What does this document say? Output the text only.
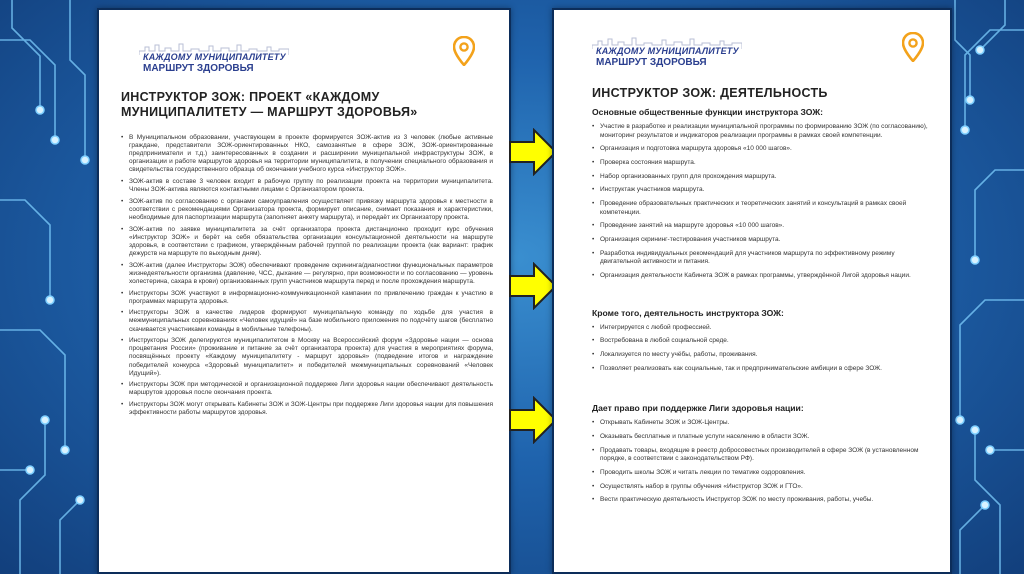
КАЖДОМУ МУНИЦИПАЛИТЕТУ
МАРШРУТ ЗДОРОВЬЯ
ИНСТРУКТОР ЗОЖ: ПРОЕКТ «КАЖДОМУ МУНИЦИПАЛИТЕТУ — МАРШРУТ ЗДОРОВЬЯ»
• В Муниципальном образовании, участвующем в проекте формируется ЗОЖ-актив из 3 человек (любые активные граждане, представители ЗОЖ-ориентированных НКО, самозанятые в сфере ЗОЖ, ЗОЖ-ориентированные предприниматели и т.д.) заинтересованных в создании и расширении муниципальной инфраструктуры ЗОЖ, в организации и работе маршрутов здоровья на территории муниципалитета, в получении специального образования и свидетельства государственного образца об окончании учебного курса «Инструктор ЗОЖ».
• ЗОЖ-актив в составе 3 человек входит в рабочую группу по реализации проекта на территории муниципалитета. Члены ЗОЖ-актива являются контактными лицами с Организатором проекта.
• ЗОЖ-актив по согласованию с органами самоуправления осуществляет привязку маршрута здоровья к местности в соответствии с рекомендациями Организатора проекта, формирует описание, снимает показания и характеристики, необходимые для паспортизации маршрута (заполняет анкету маршрута), и передаёт их Организатору проекта.
• ЗОЖ-актив по заявке муниципалитета за счёт организатора проекта дистанционно проходит курс обучения «Инструктор ЗОЖ» и берёт на себя обязательства организации консультационной деятельности на маршруте здоровья, в соответствии с графиком, утверждённым рабочей группой по реализации проекта (как вариант: график дежурств на маршруте по выходным дням).
• ЗОЖ-актив (далее Инструкторы ЗОЖ) обеспечивают проведение скрининга/диагностики функциональных параметров жизнедеятельности организма (давление, ЧСС, дыхание — регулярно, при возможности и по согласованию — уровень холестерина, сахара в крови) организованных групп участников маршрута перед и после прохождения маршрута.
• Инструкторы ЗОЖ участвуют в информационно-коммуникационной кампании по привлечению граждан к участию в программах маршрута здоровья.
• Инструкторы ЗОЖ в качестве лидеров формируют муниципальную команду по ходьбе для участия в межмуниципальных соревнованиях «Человек идущий» на базе мобильного приложения по подсчёту шагов (бесплатно скачивается участниками команды в мобильные телефоны).
• Инструкторы ЗОЖ делегируются муниципалитетом в Москву на Всероссийский форум «Здоровье нации — основа процветания России» (проживание и питание за счёт организатора проекта) для участия в мероприятиях форума, посвящённых проекту «Каждому муниципалитету - маршрут здоровья» (подведение итогов и награждение победителей конкурса «Здоровый муниципалитет» и победителей межмуниципальных соревнований «Человек Идущий»).
• Инструкторы ЗОЖ при методической и организационной поддержке Лиги здоровья нации обеспечивают деятельность маршрутов здоровья после окончания проекта.
• Инструкторы ЗОЖ могут открывать Кабинеты ЗОЖ и ЗОЖ-Центры при поддержке Лиги здоровья нации для повышения эффективности работы маршрутов здоровья.
КАЖДОМУ МУНИЦИПАЛИТЕТУ
МАРШРУТ ЗДОРОВЬЯ
ИНСТРУКТОР ЗОЖ: ДЕЯТЕЛЬНОСТЬ
Основные общественные функции инструктора ЗОЖ:
• Участие в разработке и реализации муниципальной программы по формированию ЗОЖ (по согласованию), мониторинг результатов и индикаторов реализации программы в рамках своей компетенции.
• Организация и подготовка маршрута здоровья «10 000 шагов».
• Проверка состояния маршрута.
• Набор организованных групп для прохождения маршрута.
• Инструктаж участников маршрута.
• Проведение образовательных практических и теоретических занятий и консультаций в рамках своей компетенции.
• Проведение занятий на маршруте здоровья «10 000 шагов».
• Организация скрининг-тестирования участников маршрута.
• Разработка индивидуальных рекомендаций для участников маршрута по эффективному режиму двигательной активности и питания.
• Организация деятельности Кабинета ЗОЖ в рамках программы, утверждённой Лигой здоровья нации.
Кроме того, деятельность инструктора ЗОЖ:
• Интегрируется с любой профессией.
• Востребована в любой социальной среде.
• Локализуется по месту учёбы, работы, проживания.
• Позволяет реализовать как социальные, так и предпринимательские амбиции в сфере ЗОЖ.
Дает право при поддержке Лиги здоровья нации:
• Открывать Кабинеты ЗОЖ и ЗОЖ-Центры.
• Оказывать бесплатные и платные услуги населению в области ЗОЖ.
• Продавать товары, входящие в реестр добросовестных производителей в сфере ЗОЖ (в установленном порядке, в соответствии с законодательством РФ).
• Проводить школы ЗОЖ и читать лекции по тематике оздоровления.
• Осуществлять набор в группы обучения «Инструктор ЗОЖ и ГТО».
• Вести практическую деятельность Инструктор ЗОЖ по месту проживания, работы, учебы.
